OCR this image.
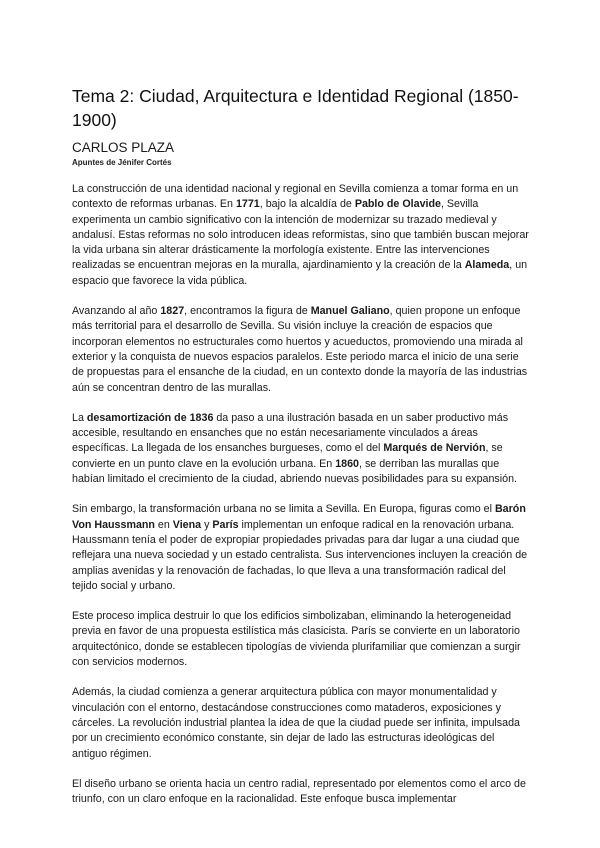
Tema 2: Ciudad, Arquitectura e Identidad Regional (1850-1900)
CARLOS PLAZA
Apuntes de Jénifer Cortés

La construcción de una identidad nacional y regional en Sevilla comienza a tomar forma en un contexto de reformas urbanas. En 1771, bajo la alcaldía de Pablo de Olavide, Sevilla experimenta un cambio significativo con la intención de modernizar su trazado medieval y andalusí. Estas reformas no solo introducen ideas reformistas, sino que también buscan mejorar la vida urbana sin alterar drásticamente la morfología existente. Entre las intervenciones realizadas se encuentran mejoras en la muralla, ajardinamiento y la creación de la Alameda, un espacio que favorece la vida pública.

Avanzando al año 1827, encontramos la figura de Manuel Galiano, quien propone un enfoque más territorial para el desarrollo de Sevilla. Su visión incluye la creación de espacios que incorporan elementos no estructurales como huertos y acueductos, promoviendo una mirada al exterior y la conquista de nuevos espacios paralelos. Este periodo marca el inicio de una serie de propuestas para el ensanche de la ciudad, en un contexto donde la mayoría de las industrias aún se concentran dentro de las murallas.

La desamortización de 1836 da paso a una ilustración basada en un saber productivo más accesible, resultando en ensanches que no están necesariamente vinculados a áreas específicas. La llegada de los ensanches burgueses, como el del Marqués de Nervión, se convierte en un punto clave en la evolución urbana. En 1860, se derriban las murallas que habían limitado el crecimiento de la ciudad, abriendo nuevas posibilidades para su expansión.

Sin embargo, la transformación urbana no se limita a Sevilla. En Europa, figuras como el Barón Von Haussmann en Viena y París implementan un enfoque radical en la renovación urbana. Haussmann tenía el poder de expropiar propiedades privadas para dar lugar a una ciudad que reflejara una nueva sociedad y un estado centralista. Sus intervenciones incluyen la creación de amplias avenidas y la renovación de fachadas, lo que lleva a una transformación radical del tejido social y urbano.

Este proceso implica destruir lo que los edificios simbolizaban, eliminando la heterogeneidad previa en favor de una propuesta estilística más clasicista. París se convierte en un laboratorio arquitectónico, donde se establecen tipologías de vivienda plurifamiliar que comienzan a surgir con servicios modernos.

Además, la ciudad comienza a generar arquitectura pública con mayor monumentalidad y vinculación con el entorno, destacándose construcciones como mataderos, exposiciones y cárceles. La revolución industrial plantea la idea de que la ciudad puede ser infinita, impulsada por un crecimiento económico constante, sin dejar de lado las estructuras ideológicas del antiguo régimen.

El diseño urbano se orienta hacia un centro radial, representado por elementos como el arco de triunfo, con un claro enfoque en la racionalidad. Este enfoque busca implementar
